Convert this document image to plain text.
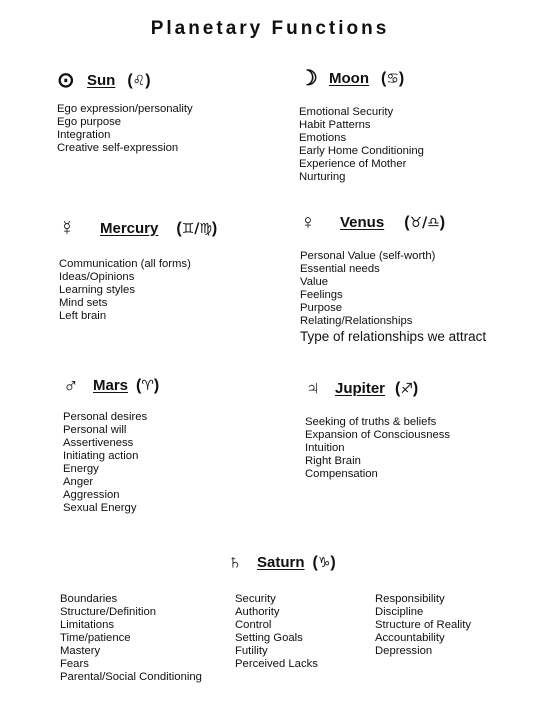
Planetary Functions
⊙ Sun (♌)
Ego expression/personality
Ego purpose
Integration
Creative self-expression
☽ Moon (♋)
Emotional Security
Habit Patterns
Emotions
Early Home Conditioning
Experience of Mother
Nurturing
☿	Mercury (♊/♍)
Communication (all forms)
Ideas/Opinions
Learning styles
Mind sets
Left brain
♀	Venus (♉/♎)
Personal Value (self-worth)
Essential needs
Value
Feelings
Purpose
Relating/Relationships
Type of relationships we attract
♂ Mars (♈)
Personal desires
Personal will
Assertiveness
Initiating action
Energy
Anger
Aggression
Sexual Energy
♃ Jupiter (♐)
Seeking of truths & beliefs
Expansion of Consciousness
Intuition
Right Brain
Compensation
♄ Saturn (♑)
Boundaries
Structure/Definition
Limitations
Time/patience
Mastery
Fears
Parental/Social Conditioning
Security
Authority
Control
Setting Goals
Futility
Perceived Lacks
Responsibility
Discipline
Structure of Reality
Accountability
Depression
